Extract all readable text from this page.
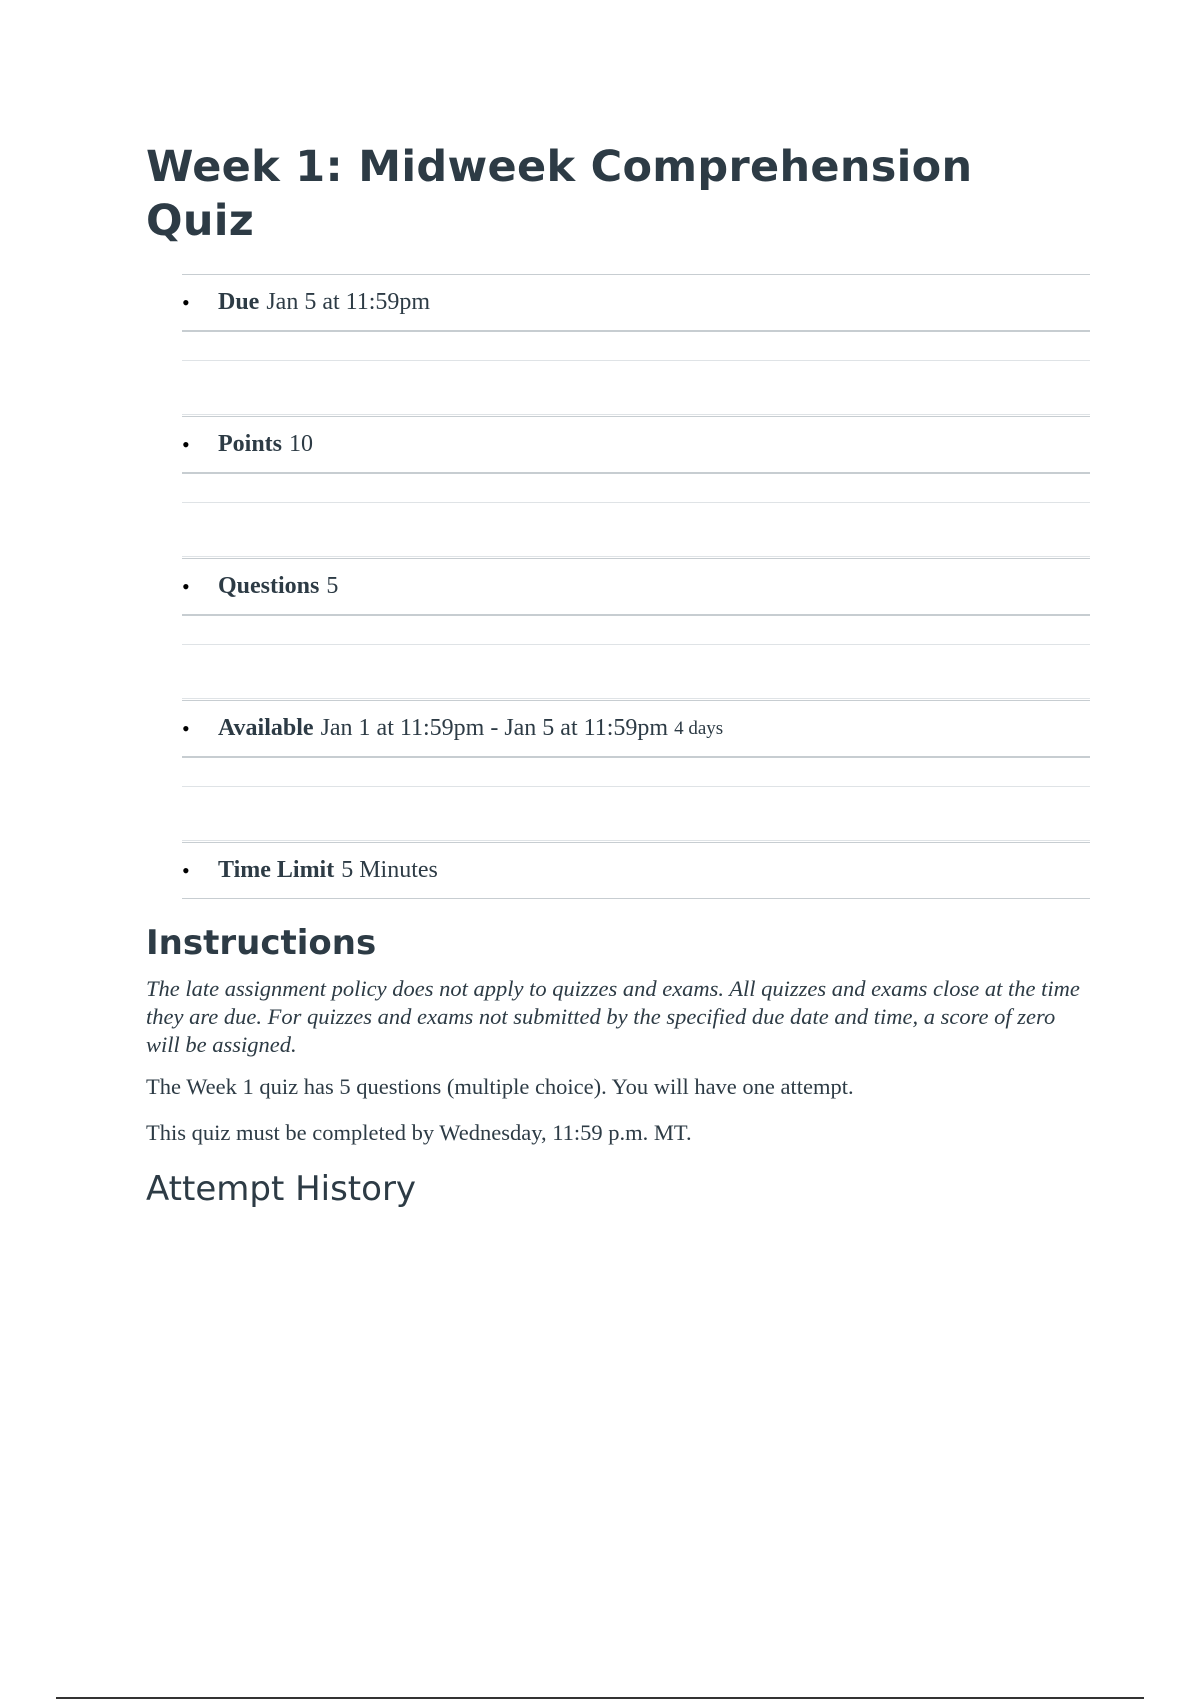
Week 1: Midweek Comprehension Quiz
•	Due Jan 5 at 11:59pm
•	Points 10
•	Questions 5
•	Available Jan 1 at 11:59pm - Jan 5 at 11:59pm 4 days
•	Time Limit 5 Minutes
Instructions

The late assignment policy does not apply to quizzes and exams. All quizzes and exams close at the time they are due. For quizzes and exams not submitted by the specified due date and time, a score of zero will be assigned.

The Week 1 quiz has 5 questions (multiple choice). You will have one attempt.

This quiz must be completed by Wednesday, 11:59 p.m. MT.

Attempt History
